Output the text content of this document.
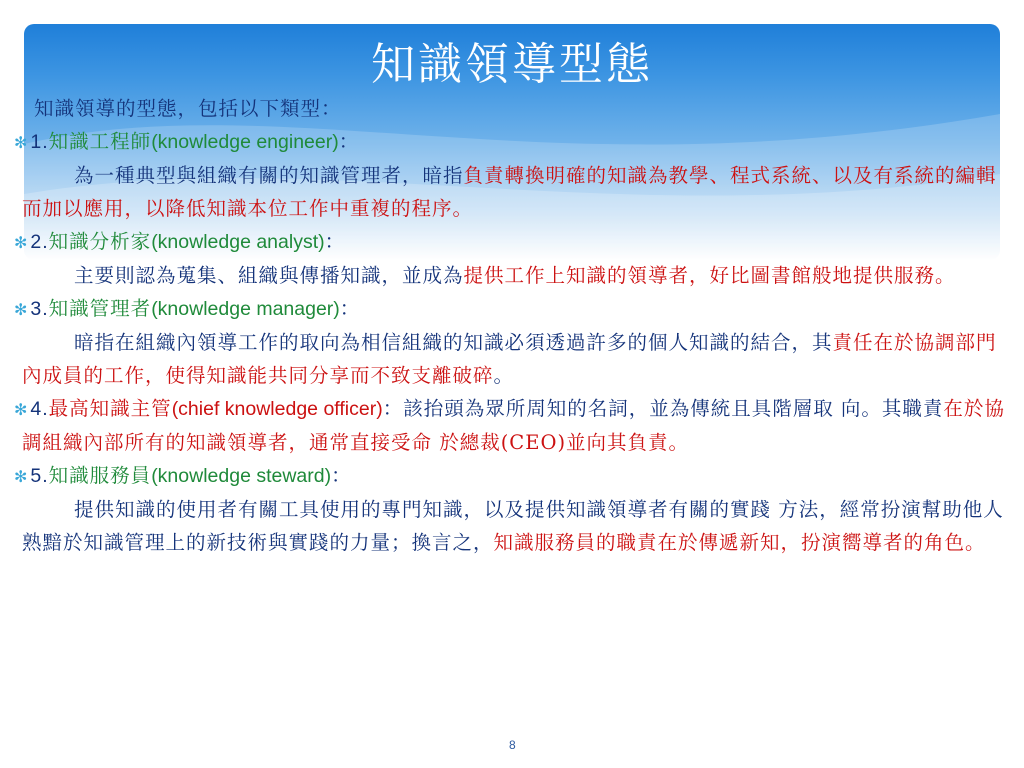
知識領導型態

知識領導的型態，包括以下類型：

✻ 1.知識工程師(knowledge engineer)：

為一種典型與組織有關的知識管理者，暗指負責轉換明確的知識為教學、程式系統、以及有系統的編輯而加以應用，以降低知識本位工作中重複的程序。

✻ 2.知識分析家(knowledge analyst)：

主要則認為蒐集、組織與傳播知識，並成為提供工作上知識的領導者，好比圖書館般地提供服務。

✻ 3.知識管理者(knowledge manager)：

暗指在組織內領導工作的取向為相信組織的知識必須透過許多的個人知識的結合，其責任在於協調部門內成員的工作，使得知識能共同分享而不致支離破碎。

✻ 4.最高知識主管(chief knowledge officer)：該抬頭為眾所周知的名詞，並為傳統且具階層取 向。其職責在於協調組織內部所有的知識領導者，通常直接受命 於總裁(CEO)並向其負責。

✻ 5.知識服務員(knowledge steward)：

提供知識的使用者有關工具使用的專門知識，以及提供知識領導者有關的實踐 方法，經常扮演幫助他人熟黯於知識管理上的新技術與實踐的力量；換言之，知識服務員的職責在於傳遞新知，扮演嚮導者的角色。

8
